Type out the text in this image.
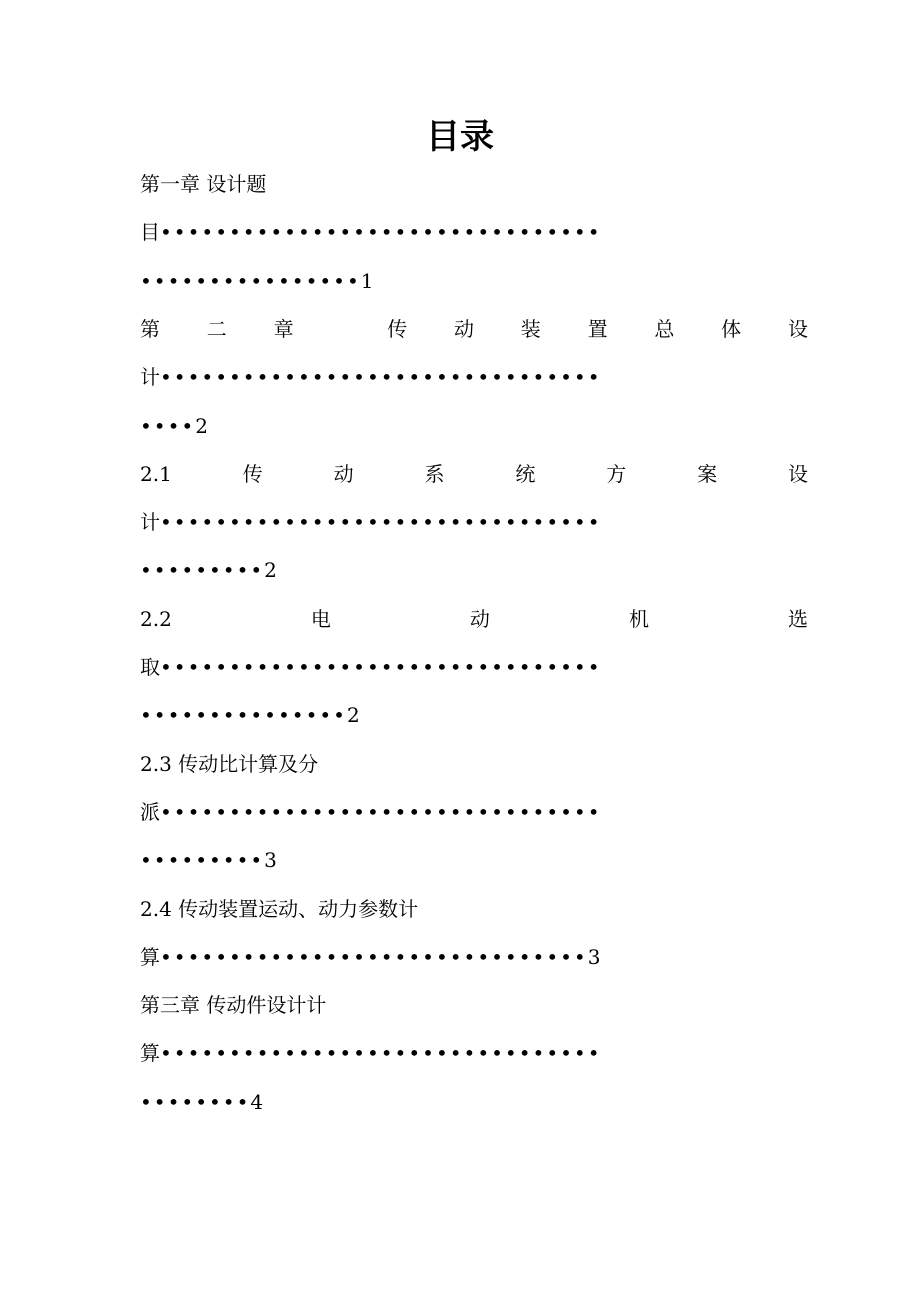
目录
第一章 设计题
目••••••••••••••••••••••••••••••••
••••••••••••••••1
第 二 章	传 动 装 置 总 体 设
计••••••••••••••••••••••••••••••••
••••2
2.1	传	动	系	统	方	案	设
计••••••••••••••••••••••••••••••••
•••••••••2
2.2	电	动	机	选
取••••••••••••••••••••••••••••••••
•••••••••••••••2
2.3 传动比计算及分
派••••••••••••••••••••••••••••••••
•••••••••3
2.4 传动装置运动、动力参数计
算•••••••••••••••••••••••••••••••3
第三章 传动件设计计
算••••••••••••••••••••••••••••••••
••••••••4
